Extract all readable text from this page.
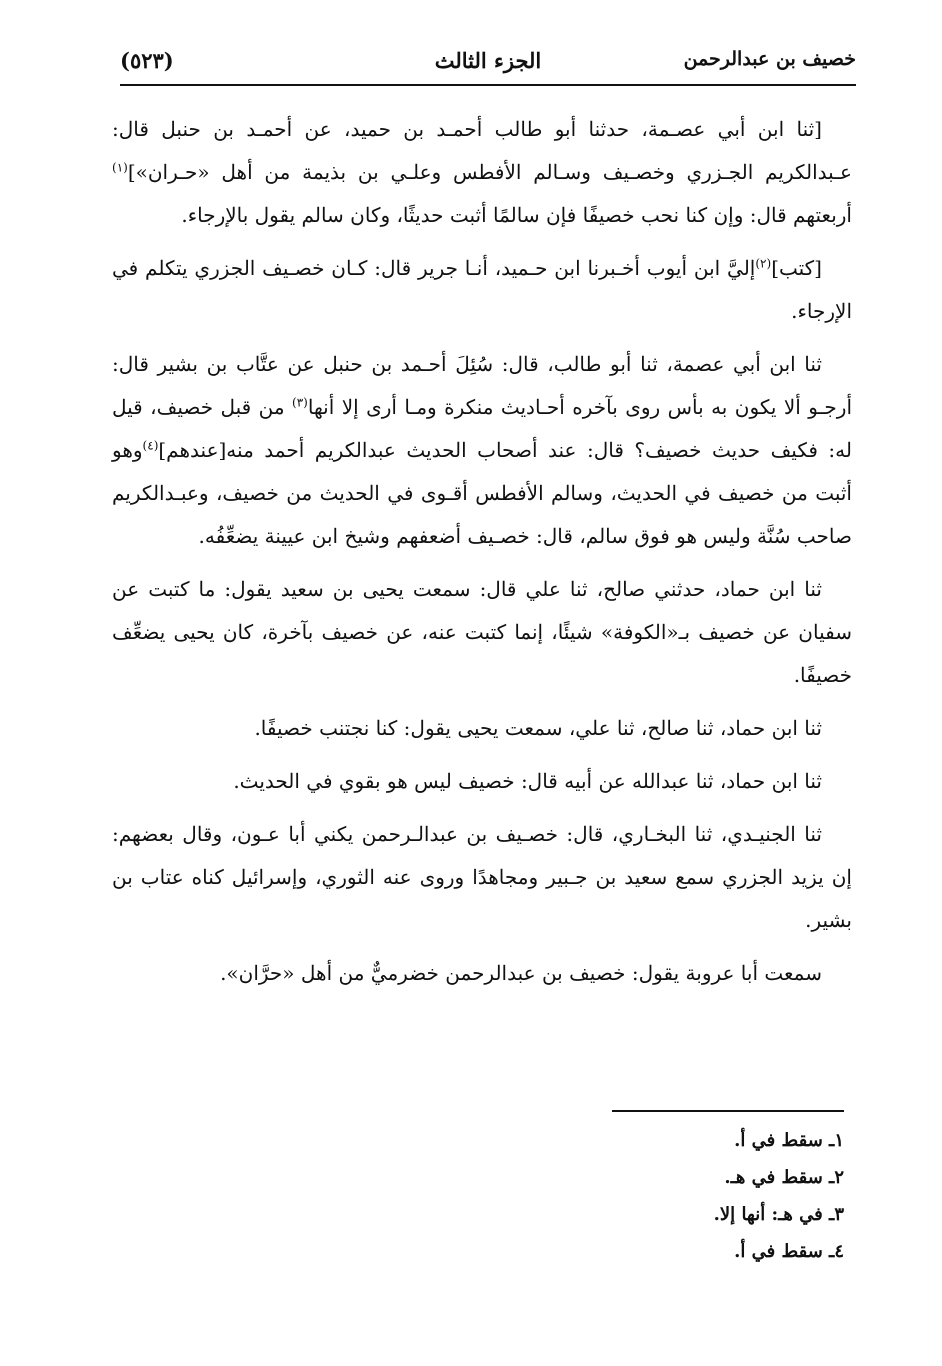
خصيف بن عبدالرحمن
الجزء الثالث
(٥٢٣)

[ثنا ابن أبي عصـمة، حدثنا أبو طالب أحمـد بن حميد، عن أحمـد بن حنبل قال: عـبدالكريم الجـزري وخصـيف وسـالم الأفطس وعلـي بن بذيمة من أهل «حـران»]$^{(١)}$ أربعتهم قال: وإن كنا نحب خصيفًا فإن سالمًا أثبت حديثًا، وكان سالم يقول بالإرجاء.

[كتب]$^{(٢)}$إليَّ ابن أيوب أخـبرنا ابن حـميد، أنـا جرير قال: كـان خصـيف الجزري يتكلم في الإرجاء.

ثنا ابن أبي عصمة، ثنا أبو طالب، قال: سُئِلَ أحـمد بن حنبل عن عتَّاب بن بشير قال: أرجـو ألا يكون به بأس روى بآخره أحـاديث منكرة ومـا أرى إلا أنها$^{(٣)}$ من قبل خصيف، قيل له: فكيف حديث خصيف؟ قال: عند أصحاب الحديث عبدالكريم أحمد منه[عندهم]$^{(٤)}$وهو أثبت من خصيف في الحديث، وسالم الأفطس أقـوى في الحديث من خصيف، وعبـدالكريم صاحب سُنَّة وليس هو فوق سالم، قال: خصـيف أضعفهم وشيخ ابن عيينة يضعِّفُه.

ثنا ابن حماد، حدثني صالح، ثنا علي قال: سمعت يحيى بن سعيد يقول: ما كتبت عن سفيان عن خصيف بـ«الكوفة» شيئًا، إنما كتبت عنه، عن خصيف بآخرة، كان يحيى يضعِّف خصيفًا.

ثنا ابن حماد، ثنا صالح، ثنا علي، سمعت يحيى يقول: كنا نجتنب خصيفًا.

ثنا ابن حماد، ثنا عبدالله عن أبيه قال: خصيف ليس هو بقوي في الحديث.

ثنا الجنيـدي، ثنا البخـاري، قال: خصـيف بن عبدالـرحمن يكني أبا عـون، وقال بعضهم: إن يزيد الجزري سمع سعيد بن جـبير ومجاهدًا وروى عنه الثوري، وإسرائيل كناه عتاب بن بشير.

سمعت أبا عروبة يقول: خصيف بن عبدالرحمن خضرميٌّ من أهل «حرَّان».

١ـ سقط في أ.

٢ـ سقط في هـ.

٣ـ في هـ: أنها إلا.

٤ـ سقط في أ.
